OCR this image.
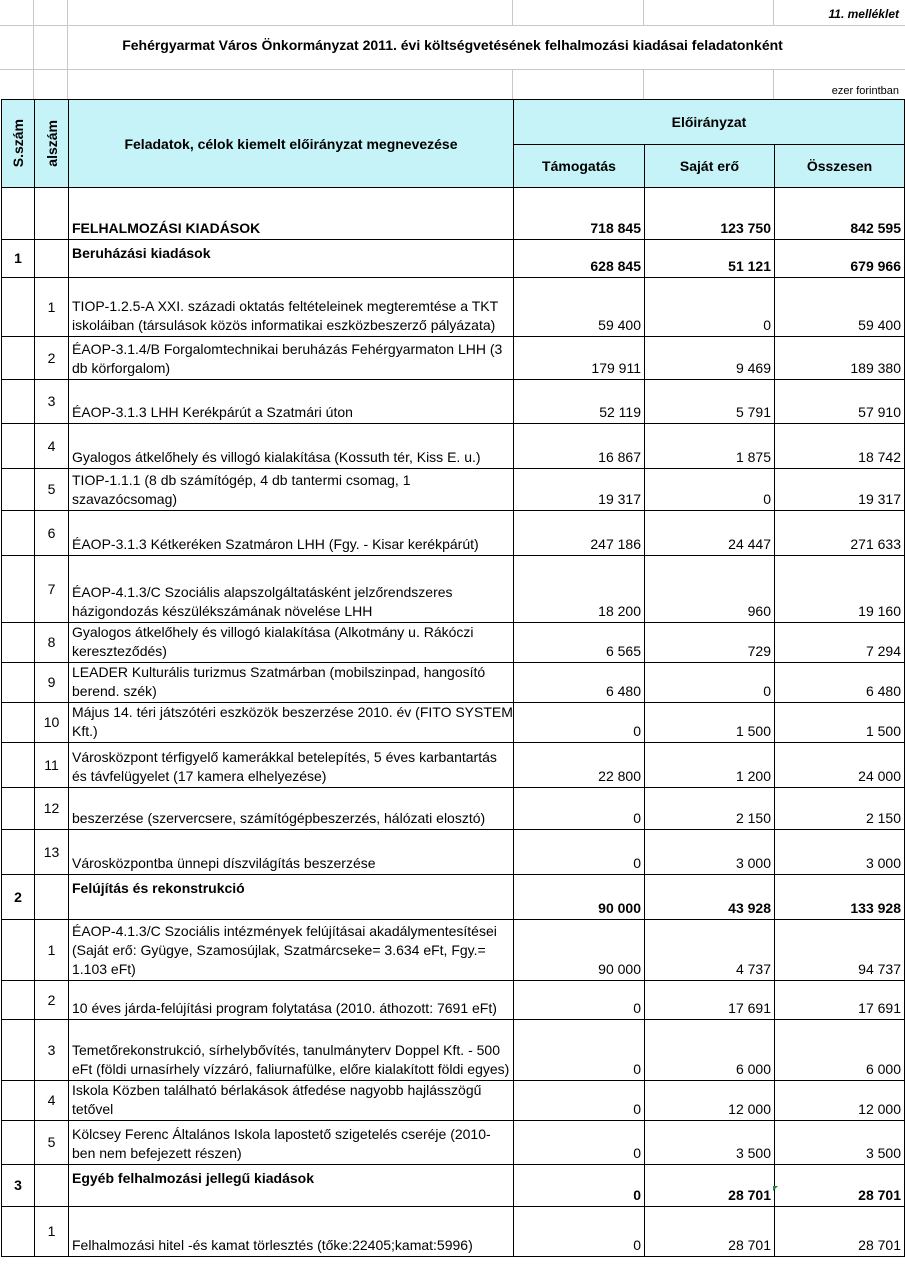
11. melléklet
Fehérgyarmat Város Önkormányzat 2011. évi költségvetésének felhalmozási kiadásai feladatonként
ezer forintban
S.szám	alszám	Feladatok, célok kiemelt előirányzat megnevezése	Előirányzat		
			Támogatás	Saját erő	Összesen
		FELHALMOZÁSI KIADÁSOK	718 845	123 750	842 595
1		Beruházási kiadások	628 845	51 121	679 966
	1	TIOP-1.2.5-A XXI. századi oktatás feltételeinek megteremtése a TKT iskoláiban (társulások közös informatikai eszközbeszerző pályázata)	59 400	0	59 400
	2	ÉAOP-3.1.4/B Forgalomtechnikai beruházás Fehérgyarmaton LHH (3 db körforgalom)	179 911	9 469	189 380
	3	ÉAOP-3.1.3 LHH Kerékpárút a Szatmári úton	52 119	5 791	57 910
	4	Gyalogos átkelőhely és villogó kialakítása (Kossuth tér, Kiss E. u.)	16 867	1 875	18 742
	5	TIOP-1.1.1 (8 db számítógép, 4 db tantermi csomag, 1 szavazócsomag)	19 317	0	19 317
	6	ÉAOP-3.1.3 Kétkeréken Szatmáron LHH (Fgy. - Kisar kerékpárút)	247 186	24 447	271 633
	7	ÉAOP-4.1.3/C Szociális alapszolgáltatásként jelzőrendszeres házigondozás készülékszámának növelése LHH	18 200	960	19 160
	8	Gyalogos átkelőhely és villogó kialakítása (Alkotmány u. Rákóczi kereszteződés)	6 565	729	7 294
	9	LEADER Kulturális turizmus Szatmárban (mobilszinpad, hangosító berend. szék)	6 480	0	6 480
	10	Május 14. téri játszótéri eszközök beszerzése 2010. év (FITO SYSTEM Kft.)	0	1 500	1 500
	11	Városközpont térfigyelő kamerákkal betelepítés, 5 éves karbantartás és távfelügyelet (17 kamera elhelyezése)	22 800	1 200	24 000
	12	beszerzése (szervercsere, számítógépbeszerzés, hálózati elosztó)	0	2 150	2 150
	13	Városközpontba ünnepi díszvilágítás beszerzése	0	3 000	3 000
2		Felújítás és rekonstrukció	90 000	43 928	133 928
	1	ÉAOP-4.1.3/C Szociális intézmények felújításai akadálymentesítései (Saját erő: Gyügye, Szamosújlak, Szatmárcseke= 3.634 eFt, Fgy.= 1.103 eFt)	90 000	4 737	94 737
	2	10 éves járda-felújítási program folytatása (2010. áthozott: 7691 eFt)	0	17 691	17 691
	3	Temetőrekonstrukció, sírhelybővítés, tanulmányterv Doppel Kft. - 500 eFt (földi urnasírhely vízzáró, faliurnafülke, előre kialakított földi egyes)	0	6 000	6 000
	4	Iskola Közben található bérlakások átfedése nagyobb hajlásszögű tetővel	0	12 000	12 000
	5	Kölcsey Ferenc Általános Iskola lapostető szigetelés cseréje (2010-ben nem befejezett részen)	0	3 500	3 500
3		Egyéb felhalmozási jellegű kiadások	0	28 701	28 701
	1	Felhalmozási hitel -és kamat törlesztés (tőke:22405;kamat:5996)	0	28 701	28 701
